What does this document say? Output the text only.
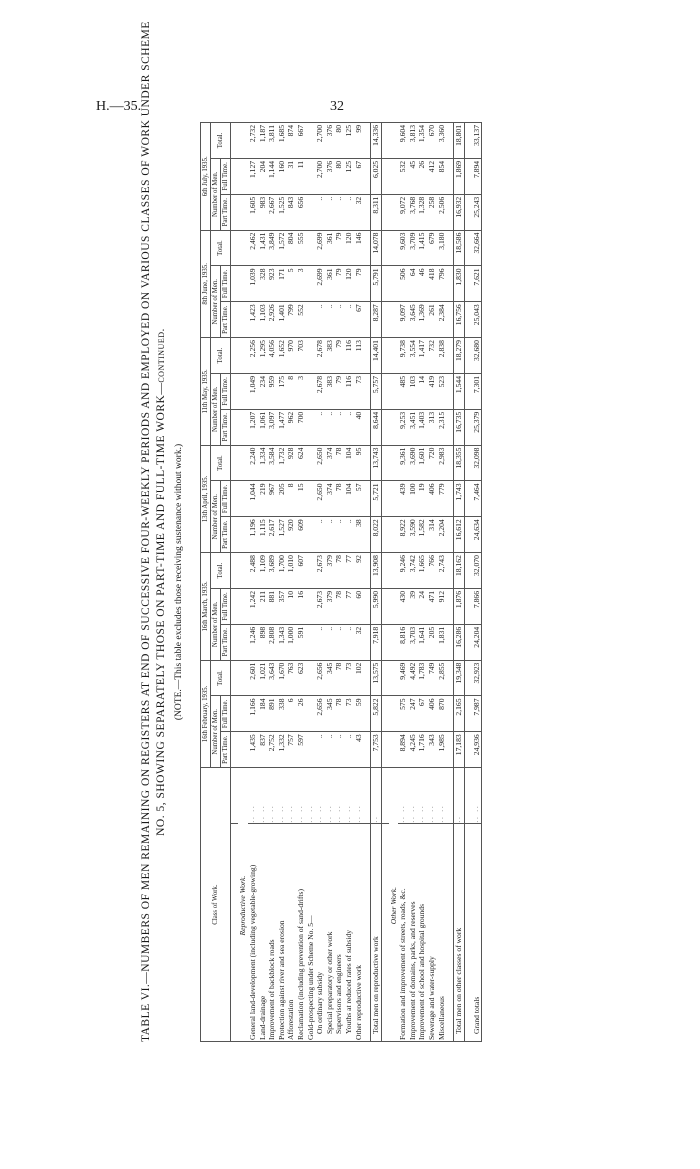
H.—35.	32
TABLE VI.—NUMBERS OF MEN REMAINING ON REGISTERS AT END OF SUCCESSIVE FOUR-WEEKLY PERIODS AND EMPLOYED ON VARIOUS CLASSES OF WORK UNDER SCHEME NO. 5, SHOWING SEPARATELY THOSE ON PART-TIME AND FULL-TIME WORK—continued. (NOTE.—This table excludes those receiving sustenance without work.)
Class of Work.		16th February, 1935.			16th March, 1935.			13th April, 1935.			11th May, 1935.			8th June, 1935.			6th July, 1935.		
		Number of Men.		Total.	Number of Men.		Total.	Number of Men.		Total.	Number of Men.		Total.	Number of Men.		Total.	Number of Men.		Total.
		Part Time.	Full Time.		Part Time.	Full Time.		Part Time.	Full Time.		Part Time.	Full Time.		Part Time.	Full Time.		Part Time.	Full Time.	

Reproductive Work.																			
General land-development (including vegetable-growing)	.. ..	1,435	1,166	2,601	1,246	1,242	2,488	1,196	1,044	2,240	1,207	1,049	2,256	1,423	1,039	2,462	1,605	1,127	2,732
Land-drainage	.. ..	837	184	1,021	898	211	1,109	1,115	219	1,334	1,061	234	1,295	1,103	328	1,431	983	204	1,187
Improvement of backblock roads	.. ..	2,752	891	3,643	2,808	881	3,689	2,617	967	3,584	3,097	959	4,056	2,926	923	3,849	2,667	1,144	3,811
Protection against river and sea erosion	.. ..	1,332	338	1,670	1,343	357	1,700	1,527	205	1,732	1,477	175	1,652	1,401	171	1,572	1,525	160	1,685
Afforestation	.. ..	757	6	763	1,000	10	1,010	920	8	928	962	8	970	799	5	804	843	31	874
Reclamation (including prevention of sand-drifts)	.. ..	597	26	623	591	16	607	609	15	624	700	3	703	552	3	555	656	11	667
Gold-prospecting under Scheme No. 5—	.. ..																		
On ordinary subsidy	.. ..	..	2,656	2,656	..	2,673	2,673	..	2,650	2,650	..	2,678	2,678	..	2,699	2,699	..	2,700	2,700
Special preparatory or other work	.. ..	..	345	345	..	379	379	..	374	374	..	383	383	..	361	361	..	376	376
Supervisors and engineers	.. ..	..	78	78	..	78	78	..	78	78	..	79	79	..	79	79	..	80	80
Youths at reduced rates of subsidy	.. ..	..	73	73	..	77	77	..	104	104	..	116	116	..	120	120	..	125	125
Other reproductive work	.. ..	43	59	102	32	60	92	38	57	95	40	73	113	67	79	146	32	67	99

Total men on reproductive work	..	7,753	5,822	13,575	7,918	5,990	13,908	8,022	5,721	13,743	8,644	5,757	14,401	8,287	5,791	14,078	8,311	6,025	14,336

Other Work.																			
Formation and improvement of streets, roads, &c.	.. ..	8,894	575	9,469	8,816	430	9,246	8,922	439	9,361	9,253	485	9,738	9,097	506	9,603	9,072	532	9,604
Improvement of domains, parks, and reserves	.. ..	4,245	247	4,492	3,703	39	3,742	3,590	100	3,690	3,451	103	3,554	3,645	64	3,709	3,768	45	3,813
Improvement of school and hospital grounds	.. ..	1,716	67	1,783	1,641	24	1,665	1,582	19	1,601	1,403	14	1,417	1,369	46	1,415	1,328	26	1,354
Sewerage and water-supply	.. ..	343	406	749	205	471	766	314	406	720	313	419	732	261	418	679	258	412	670
Miscellaneous	.. ..	1,985	870	2,855	1,831	912	2,743	2,204	779	2,983	2,315	523	2,838	2,384	796	3,180	2,506	854	3,360

Total men on other classes of work	..	17,183	2,165	19,348	16,286	1,876	18,162	16,612	1,743	18,355	16,735	1,544	18,279	16,756	1,830	18,586	16,932	1,869	18,801

Grand totals	.. ..	24,936	7,987	32,923	24,204	7,866	32,070	24,634	7,464	32,098	25,379	7,301	32,680	25,043	7,621	32,664	25,243	7,894	33,137
